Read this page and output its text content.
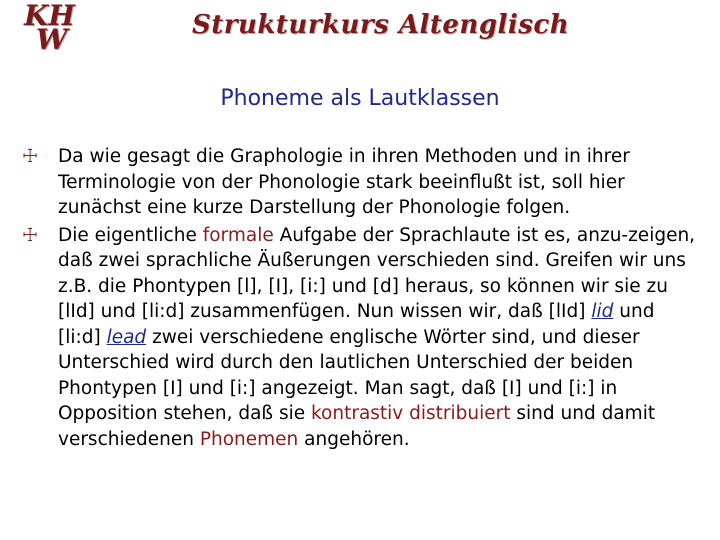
KH
W	Strukturkurs Altenglisch
Phoneme als Lautklassen
☩ Da wie gesagt die Graphologie in ihren Methoden und in ihrer Terminologie von der Phonologie stark beeinflußt ist, soll hier zunächst eine kurze Darstellung der Phonologie folgen.
☩ Die eigentliche formale Aufgabe der Sprachlaute ist es, anzu-zeigen, daß zwei sprachliche Äußerungen verschieden sind. Greifen wir uns z.B. die Phontypen [l], [I], [i:] und [d] heraus, so können wir sie zu [lId] und [li:d] zusammenfügen. Nun wissen wir, daß [lId] lid und [li:d] lead zwei verschiedene englische Wörter sind, und dieser Unterschied wird durch den lautlichen Unterschied der beiden Phontypen [I] und [i:] angezeigt. Man sagt, daß [I] und [i:] in Opposition stehen, daß sie kontrastiv distribuiert sind und damit verschiedenen Phonemen angehören.
